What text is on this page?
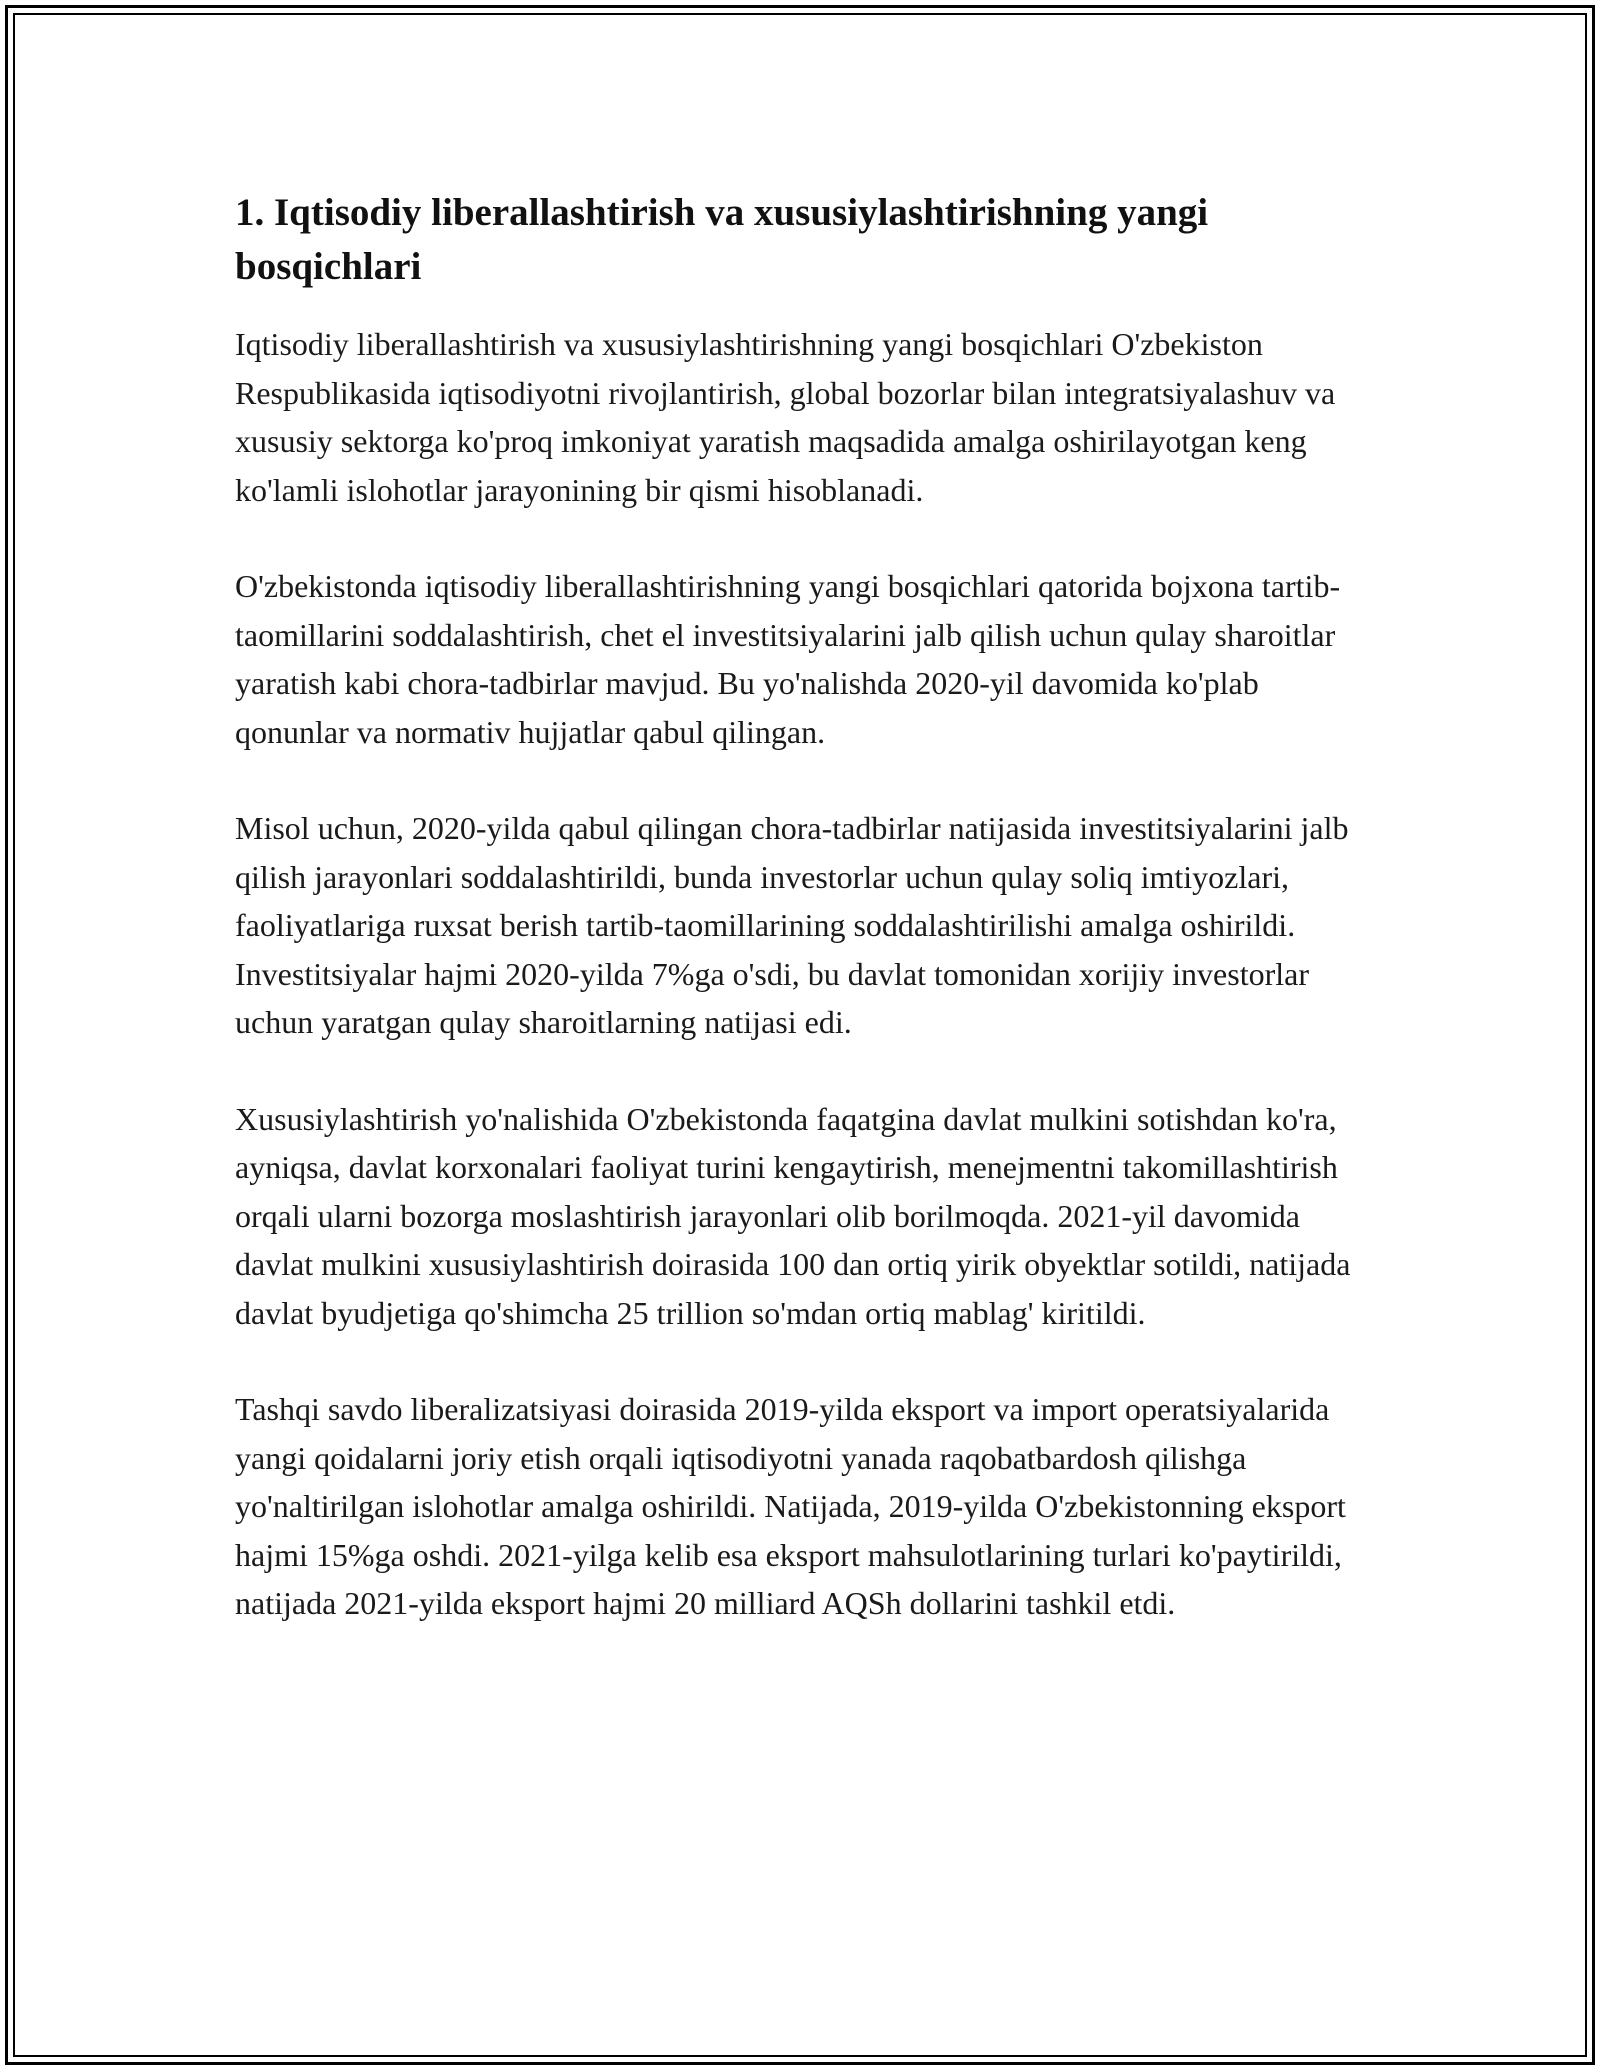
1. Iqtisodiy liberallashtirish va xususiylashtirishning yangi bosqichlari

Iqtisodiy liberallashtirish va xususiylashtirishning yangi bosqichlari O'zbekiston Respublikasida iqtisodiyotni rivojlantirish, global bozorlar bilan integratsiyalashuv va xususiy sektorga ko'proq imkoniyat yaratish maqsadida amalga oshirilayotgan keng ko'lamli islohotlar jarayonining bir qismi hisoblanadi.

O'zbekistonda iqtisodiy liberallashtirishning yangi bosqichlari qatorida bojxona tartib-taomillarini soddalashtirish, chet el investitsiyalarini jalb qilish uchun qulay sharoitlar yaratish kabi chora-tadbirlar mavjud. Bu yo'nalishda 2020-yil davomida ko'plab qonunlar va normativ hujjatlar qabul qilingan.

Misol uchun, 2020-yilda qabul qilingan chora-tadbirlar natijasida investitsiyalarini jalb qilish jarayonlari soddalashtirildi, bunda investorlar uchun qulay soliq imtiyozlari, faoliyatlariga ruxsat berish tartib-taomillarining soddalashtirilishi amalga oshirildi. Investitsiyalar hajmi 2020-yilda 7%ga o'sdi, bu davlat tomonidan xorijiy investorlar uchun yaratgan qulay sharoitlarning natijasi edi.

Xususiylashtirish yo'nalishida O'zbekistonda faqatgina davlat mulkini sotishdan ko'ra, ayniqsa, davlat korxonalari faoliyat turini kengaytirish, menejmentni takomillashtirish orqali ularni bozorga moslashtirish jarayonlari olib borilmoqda. 2021-yil davomida davlat mulkini xususiylashtirish doirasida 100 dan ortiq yirik obyektlar sotildi, natijada davlat byudjetiga qo'shimcha 25 trillion so'mdan ortiq mablag' kiritildi.

Tashqi savdo liberalizatsiyasi doirasida 2019-yilda eksport va import operatsiyalarida yangi qoidalarni joriy etish orqali iqtisodiyotni yanada raqobatbardosh qilishga yo'naltirilgan islohotlar amalga oshirildi. Natijada, 2019-yilda O'zbekistonning eksport hajmi 15%ga oshdi. 2021-yilga kelib esa eksport mahsulotlarining turlari ko'paytirildi, natijada 2021-yilda eksport hajmi 20 milliard AQSh dollarini tashkil etdi.
